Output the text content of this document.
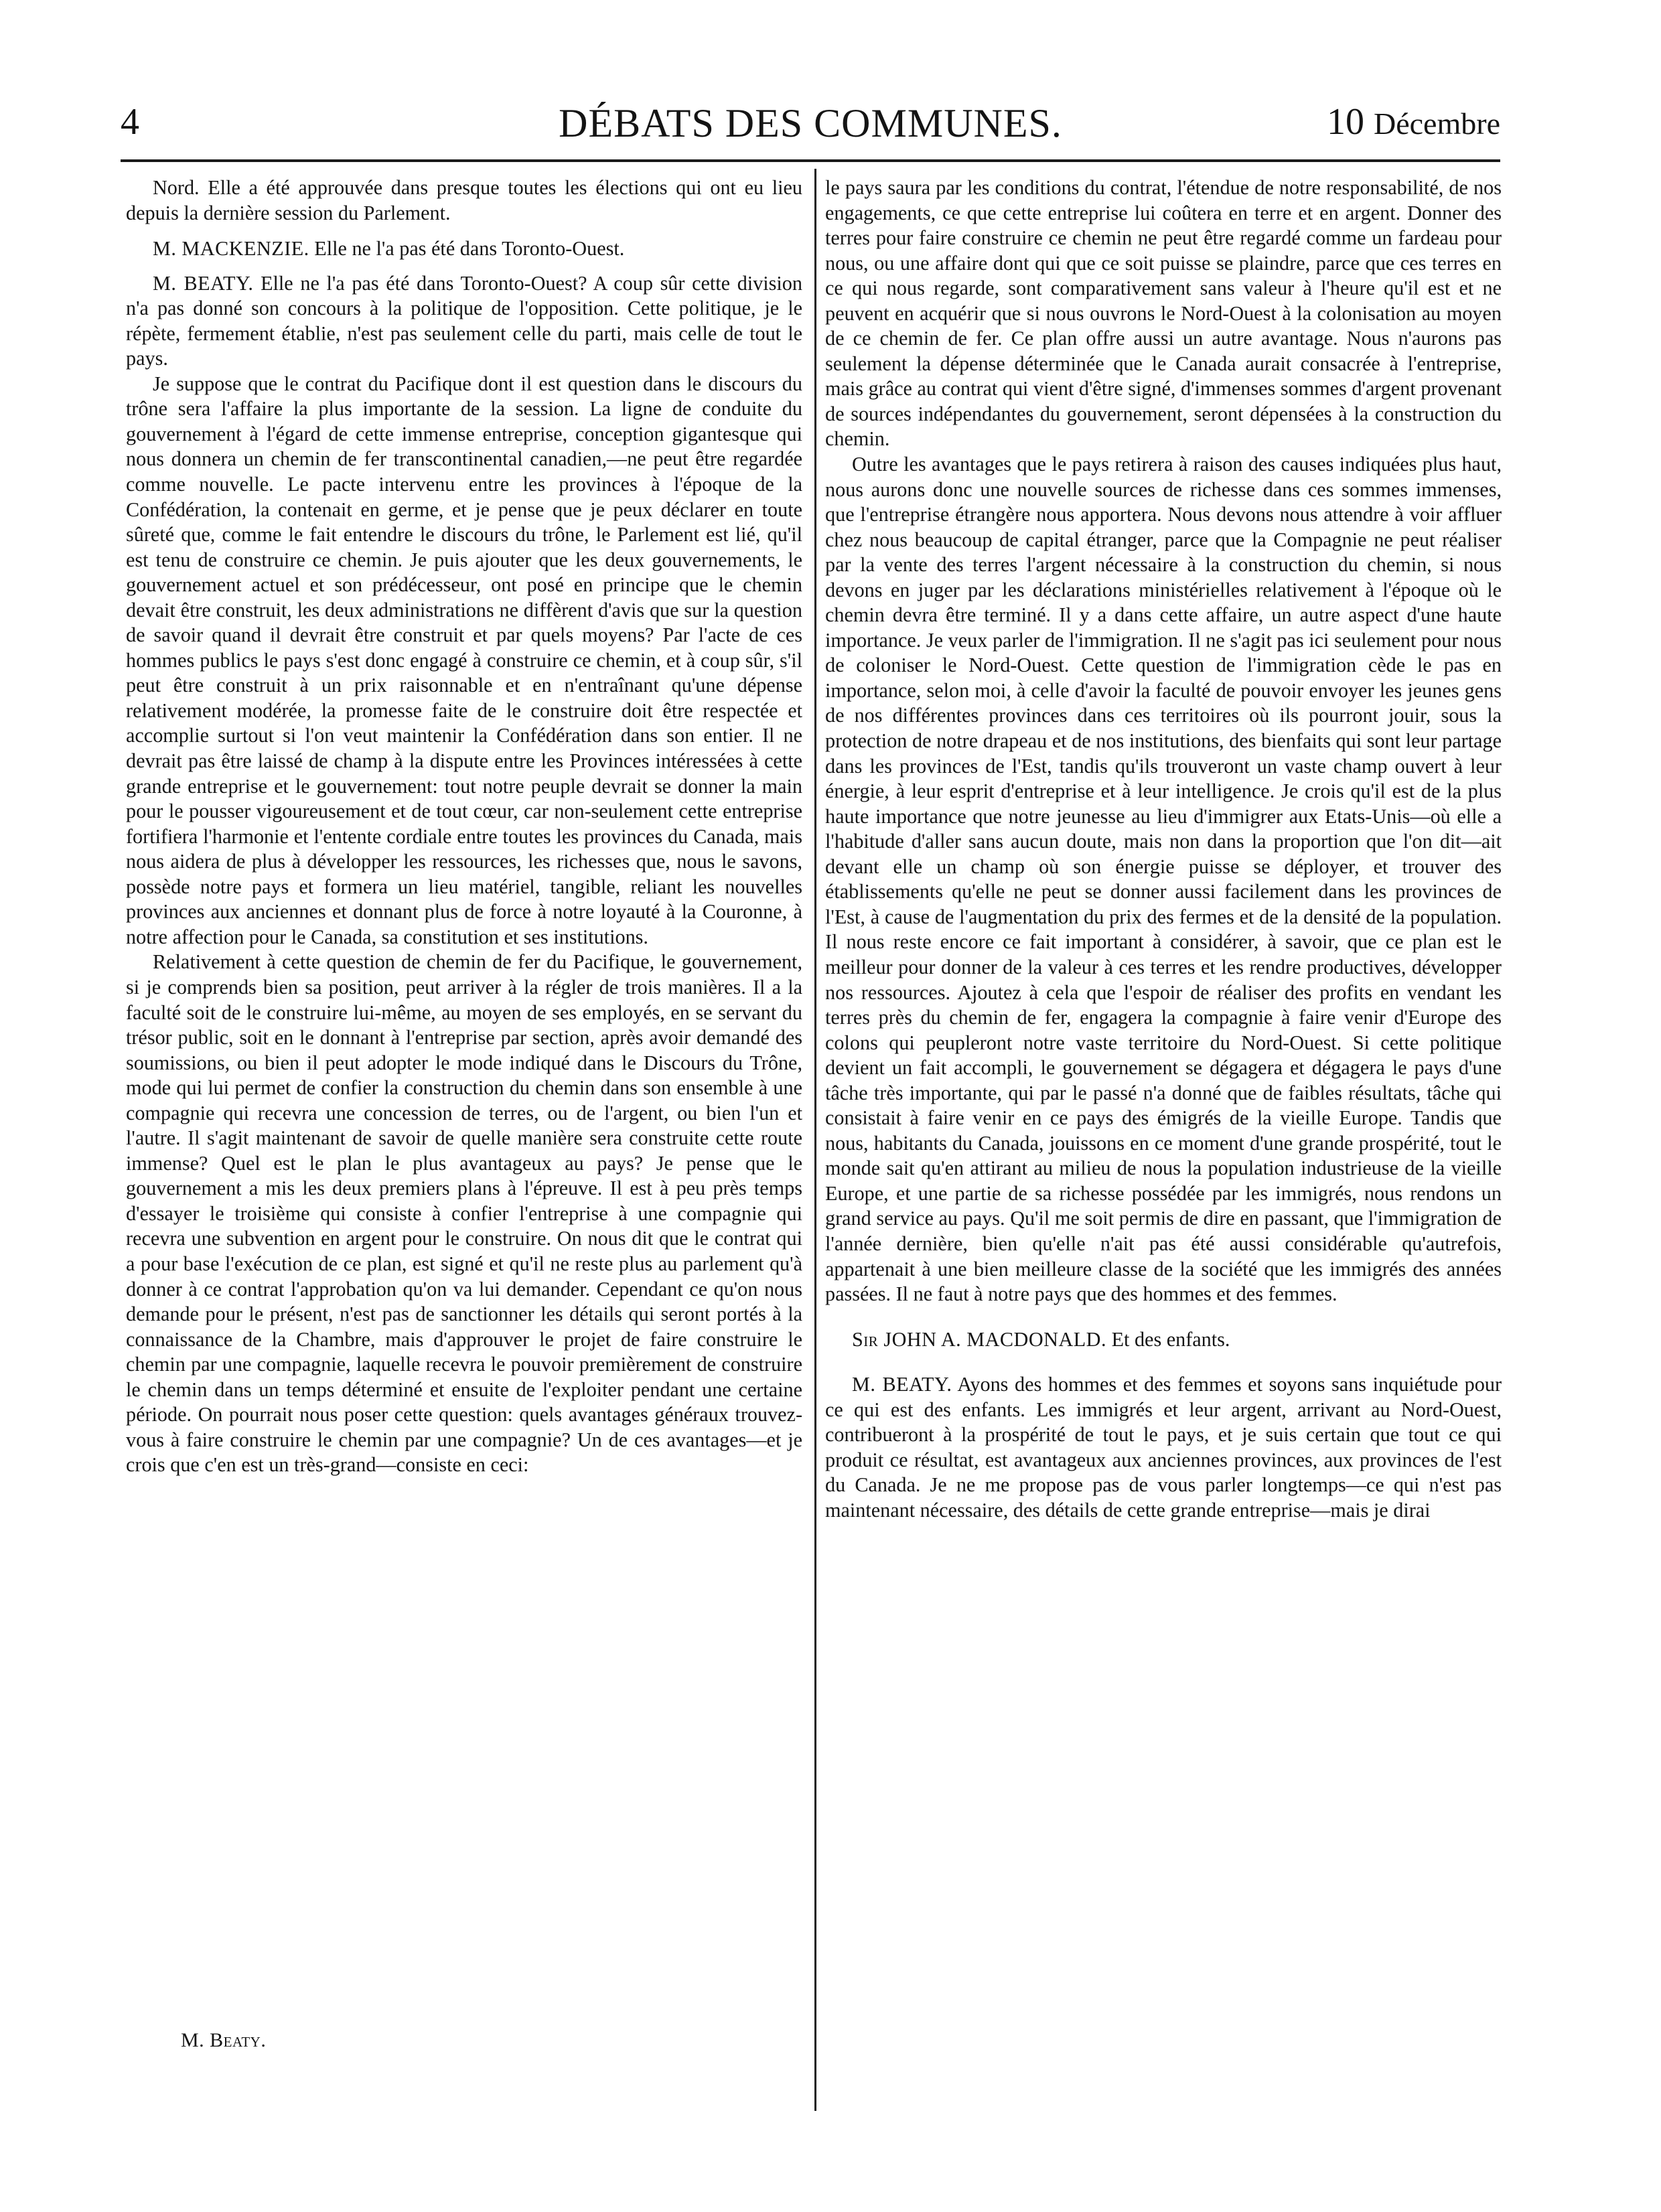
4	DÉBATS DES COMMUNES.	10 Décembre

Nord. Elle a été approuvée dans presque toutes les élections qui ont eu lieu depuis la dernière session du Parlement.

M. MACKENZIE. Elle ne l'a pas été dans Toronto-Ouest.

M. BEATY. Elle ne l'a pas été dans Toronto-Ouest? A coup sûr cette division n'a pas donné son concours à la politique de l'opposition. Cette politique, je le répète, fermement établie, n'est pas seulement celle du parti, mais celle de tout le pays.

Je suppose que le contrat du Pacifique dont il est question dans le discours du trône sera l'affaire la plus importante de la session. La ligne de conduite du gouvernement à l'égard de cette immense entreprise, conception gigantesque qui nous donnera un chemin de fer transcontinental canadien,—ne peut être regardée comme nouvelle. Le pacte intervenu entre les provinces à l'époque de la Confédération, la contenait en germe, et je pense que je peux déclarer en toute sûreté que, comme le fait entendre le discours du trône, le Parlement est lié, qu'il est tenu de construire ce chemin. Je puis ajouter que les deux gouvernements, le gouvernement actuel et son prédécesseur, ont posé en principe que le chemin devait être construit, les deux administrations ne diffèrent d'avis que sur la question de savoir quand il devrait être construit et par quels moyens? Par l'acte de ces hommes publics le pays s'est donc engagé à construire ce chemin, et à coup sûr, s'il peut être construit à un prix raisonnable et en n'entraînant qu'une dépense relativement modérée, la promesse faite de le construire doit être respectée et accomplie surtout si l'on veut maintenir la Confédération dans son entier. Il ne devrait pas être laissé de champ à la dispute entre les Provinces intéressées à cette grande entreprise et le gouvernement: tout notre peuple devrait se donner la main pour le pousser vigoureusement et de tout cœur, car non-seulement cette entreprise fortifiera l'harmonie et l'entente cordiale entre toutes les provinces du Canada, mais nous aidera de plus à développer les ressources, les richesses que, nous le savons, possède notre pays et formera un lieu matériel, tangible, reliant les nouvelles provinces aux anciennes et donnant plus de force à notre loyauté à la Couronne, à notre affection pour le Canada, sa constitution et ses institutions.

Relativement à cette question de chemin de fer du Pacifique, le gouvernement, si je comprends bien sa position, peut arriver à la régler de trois manières. Il a la faculté soit de le construire lui-même, au moyen de ses employés, en se servant du trésor public, soit en le donnant à l'entreprise par section, après avoir demandé des soumissions, ou bien il peut adopter le mode indiqué dans le Discours du Trône, mode qui lui permet de confier la construction du chemin dans son ensemble à une compagnie qui recevra une concession de terres, ou de l'argent, ou bien l'un et l'autre. Il s'agit maintenant de savoir de quelle manière sera construite cette route immense? Quel est le plan le plus avantageux au pays? Je pense que le gouvernement a mis les deux premiers plans à l'épreuve. Il est à peu près temps d'essayer le troisième qui consiste à confier l'entreprise à une compagnie qui recevra une subvention en argent pour le construire. On nous dit que le contrat qui a pour base l'exécution de ce plan, est signé et qu'il ne reste plus au parlement qu'à donner à ce contrat l'approbation qu'on va lui demander. Cependant ce qu'on nous demande pour le présent, n'est pas de sanctionner les détails qui seront portés à la connaissance de la Chambre, mais d'approuver le projet de faire construire le chemin par une compagnie, laquelle recevra le pouvoir premièrement de construire le chemin dans un temps déterminé et ensuite de l'exploiter pendant une certaine période. On pourrait nous poser cette question: quels avantages généraux trouvez-vous à faire construire le chemin par une compagnie? Un de ces avantages—et je crois que c'en est un très-grand—consiste en ceci:

M. Beaty.

le pays saura par les conditions du contrat, l'étendue de notre responsabilité, de nos engagements, ce que cette entreprise lui coûtera en terre et en argent. Donner des terres pour faire construire ce chemin ne peut être regardé comme un fardeau pour nous, ou une affaire dont qui que ce soit puisse se plaindre, parce que ces terres en ce qui nous regarde, sont comparativement sans valeur à l'heure qu'il est et ne peuvent en acquérir que si nous ouvrons le Nord-Ouest à la colonisation au moyen de ce chemin de fer. Ce plan offre aussi un autre avantage. Nous n'aurons pas seulement la dépense déterminée que le Canada aurait consacrée à l'entreprise, mais grâce au contrat qui vient d'être signé, d'immenses sommes d'argent provenant de sources indépendantes du gouvernement, seront dépensées à la construction du chemin.

Outre les avantages que le pays retirera à raison des causes indiquées plus haut, nous aurons donc une nouvelle sources de richesse dans ces sommes immenses, que l'entreprise étrangère nous apportera. Nous devons nous attendre à voir affluer chez nous beaucoup de capital étranger, parce que la Compagnie ne peut réaliser par la vente des terres l'argent nécessaire à la construction du chemin, si nous devons en juger par les déclarations ministérielles relativement à l'époque où le chemin devra être terminé. Il y a dans cette affaire, un autre aspect d'une haute importance. Je veux parler de l'immigration. Il ne s'agit pas ici seulement pour nous de coloniser le Nord-Ouest. Cette question de l'immigration cède le pas en importance, selon moi, à celle d'avoir la faculté de pouvoir envoyer les jeunes gens de nos différentes provinces dans ces territoires où ils pourront jouir, sous la protection de notre drapeau et de nos institutions, des bienfaits qui sont leur partage dans les provinces de l'Est, tandis qu'ils trouveront un vaste champ ouvert à leur énergie, à leur esprit d'entreprise et à leur intelligence. Je crois qu'il est de la plus haute importance que notre jeunesse au lieu d'immigrer aux Etats-Unis—où elle a l'habitude d'aller sans aucun doute, mais non dans la proportion que l'on dit—ait devant elle un champ où son énergie puisse se déployer, et trouver des établissements qu'elle ne peut se donner aussi facilement dans les provinces de l'Est, à cause de l'augmentation du prix des fermes et de la densité de la population. Il nous reste encore ce fait important à considérer, à savoir, que ce plan est le meilleur pour donner de la valeur à ces terres et les rendre productives, développer nos ressources. Ajoutez à cela que l'espoir de réaliser des profits en vendant les terres près du chemin de fer, engagera la compagnie à faire venir d'Europe des colons qui peupleront notre vaste territoire du Nord-Ouest. Si cette politique devient un fait accompli, le gouvernement se dégagera et dégagera le pays d'une tâche très importante, qui par le passé n'a donné que de faibles résultats, tâche qui consistait à faire venir en ce pays des émigrés de la vieille Europe. Tandis que nous, habitants du Canada, jouissons en ce moment d'une grande prospérité, tout le monde sait qu'en attirant au milieu de nous la population industrieuse de la vieille Europe, et une partie de sa richesse possédée par les immigrés, nous rendons un grand service au pays. Qu'il me soit permis de dire en passant, que l'immigration de l'année dernière, bien qu'elle n'ait pas été aussi considérable qu'autrefois, appartenait à une bien meilleure classe de la société que les immigrés des années passées. Il ne faut à notre pays que des hommes et des femmes.

Sir JOHN A. MACDONALD. Et des enfants.

M. BEATY. Ayons des hommes et des femmes et soyons sans inquiétude pour ce qui est des enfants. Les immigrés et leur argent, arrivant au Nord-Ouest, contribueront à la prospérité de tout le pays, et je suis certain que tout ce qui produit ce résultat, est avantageux aux anciennes provinces, aux provinces de l'est du Canada. Je ne me propose pas de vous parler longtemps—ce qui n'est pas maintenant nécessaire, des détails de cette grande entreprise—mais je dirai
